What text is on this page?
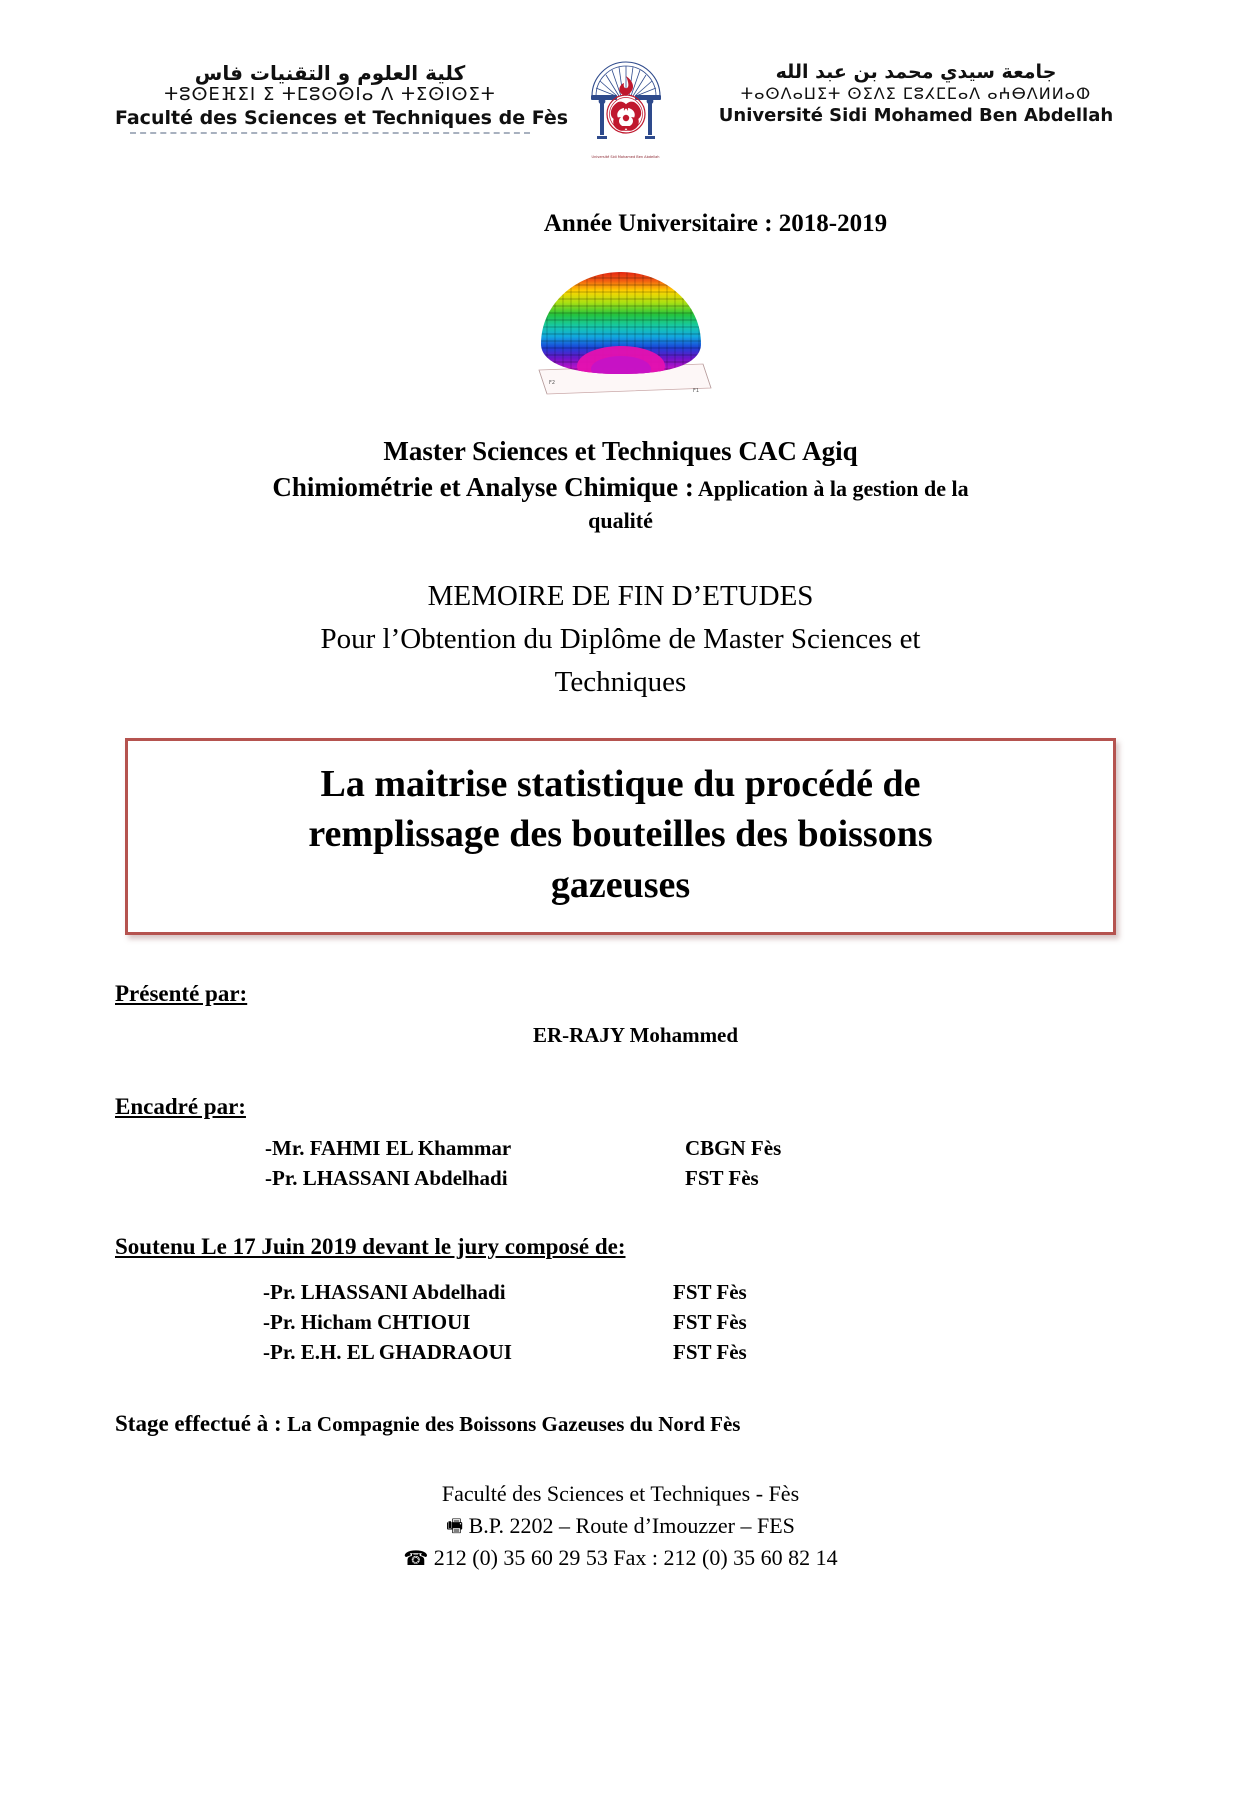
كلية العلوم و التقنيات فاس
ⵜⵓⵙⴹⴼⵉⵏ ⵉ ⵜⵎⵓⵙⵙⵏⴰ ⴷ ⵜⵉⵙⵏⵙⵉⵜ
Faculté des Sciences et Techniques de Fès
Université Sidi Mohamed Ben Abdellah
جامعة سيدي محمد بن عبد الله
ⵜⴰⵙⴷⴰⵡⵉⵜ ⵙⵉⴷⵉ ⵎⵓⵃⵎⵎⴰⴷ ⴰⵄⴱⴷⵍⵍⴰⵀ
Université Sidi Mohamed Ben Abdellah
Année Universitaire : 2018-2019
F2
F1
Master Sciences et Techniques CAC Agiq
Chimiométrie et Analyse Chimique : Application à la gestion de la
qualité
MEMOIRE DE FIN D’ETUDES
Pour l’Obtention du Diplôme de Master Sciences et
Techniques
La maitrise statistique du procédé de
remplissage des bouteilles des boissons
gazeuses
Présenté par:
ER-RAJY Mohammed
Encadré par:
-Mr. FAHMI EL Khammar	CBGN Fès
-Pr. LHASSANI Abdelhadi	FST Fès
Soutenu Le 17 Juin 2019 devant le jury composé de:
-Pr. LHASSANI Abdelhadi	FST Fès
-Pr. Hicham CHTIOUI	FST Fès
-Pr. E.H. EL GHADRAOUI	FST Fès
Stage effectué à : La Compagnie des Boissons Gazeuses du Nord Fès
Faculté des Sciences et Techniques - Fès
🖷 B.P. 2202 – Route d’Imouzzer – FES
☎ 212 (0) 35 60 29 53 Fax : 212 (0) 35 60 82 14
